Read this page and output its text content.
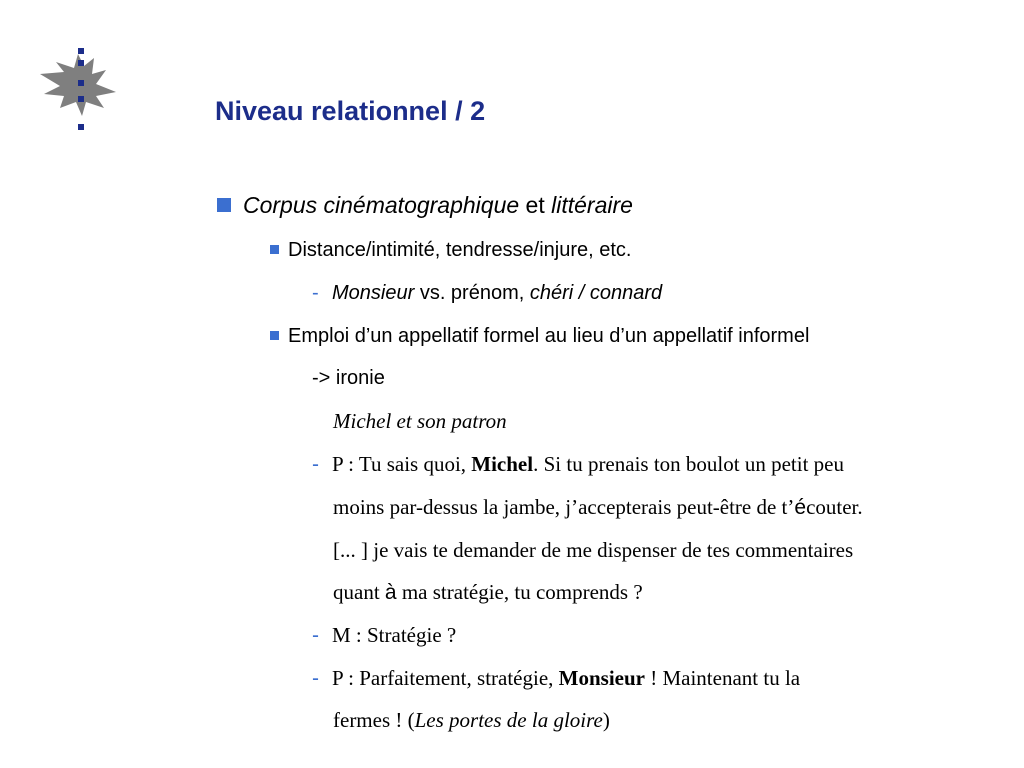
Niveau relationnel / 2
Corpus cinématographique et littéraire
Distance/intimité, tendresse/injure, etc.
- Monsieur vs. prénom, chéri / connard
Emploi d’un appellatif formel au lieu d’un appellatif informel
-> ironie
Michel et son patron
- P : Tu sais quoi, Michel. Si tu prenais ton boulot un petit peu
moins par-dessus la jambe, j’accepterais peut-être de t’écouter.
[... ] je vais te demander de me dispenser de tes commentaires
quant à ma stratégie, tu comprends ?
- M : Stratégie ?
- P : Parfaitement, stratégie, Monsieur ! Maintenant tu la
fermes ! (Les portes de la gloire)
